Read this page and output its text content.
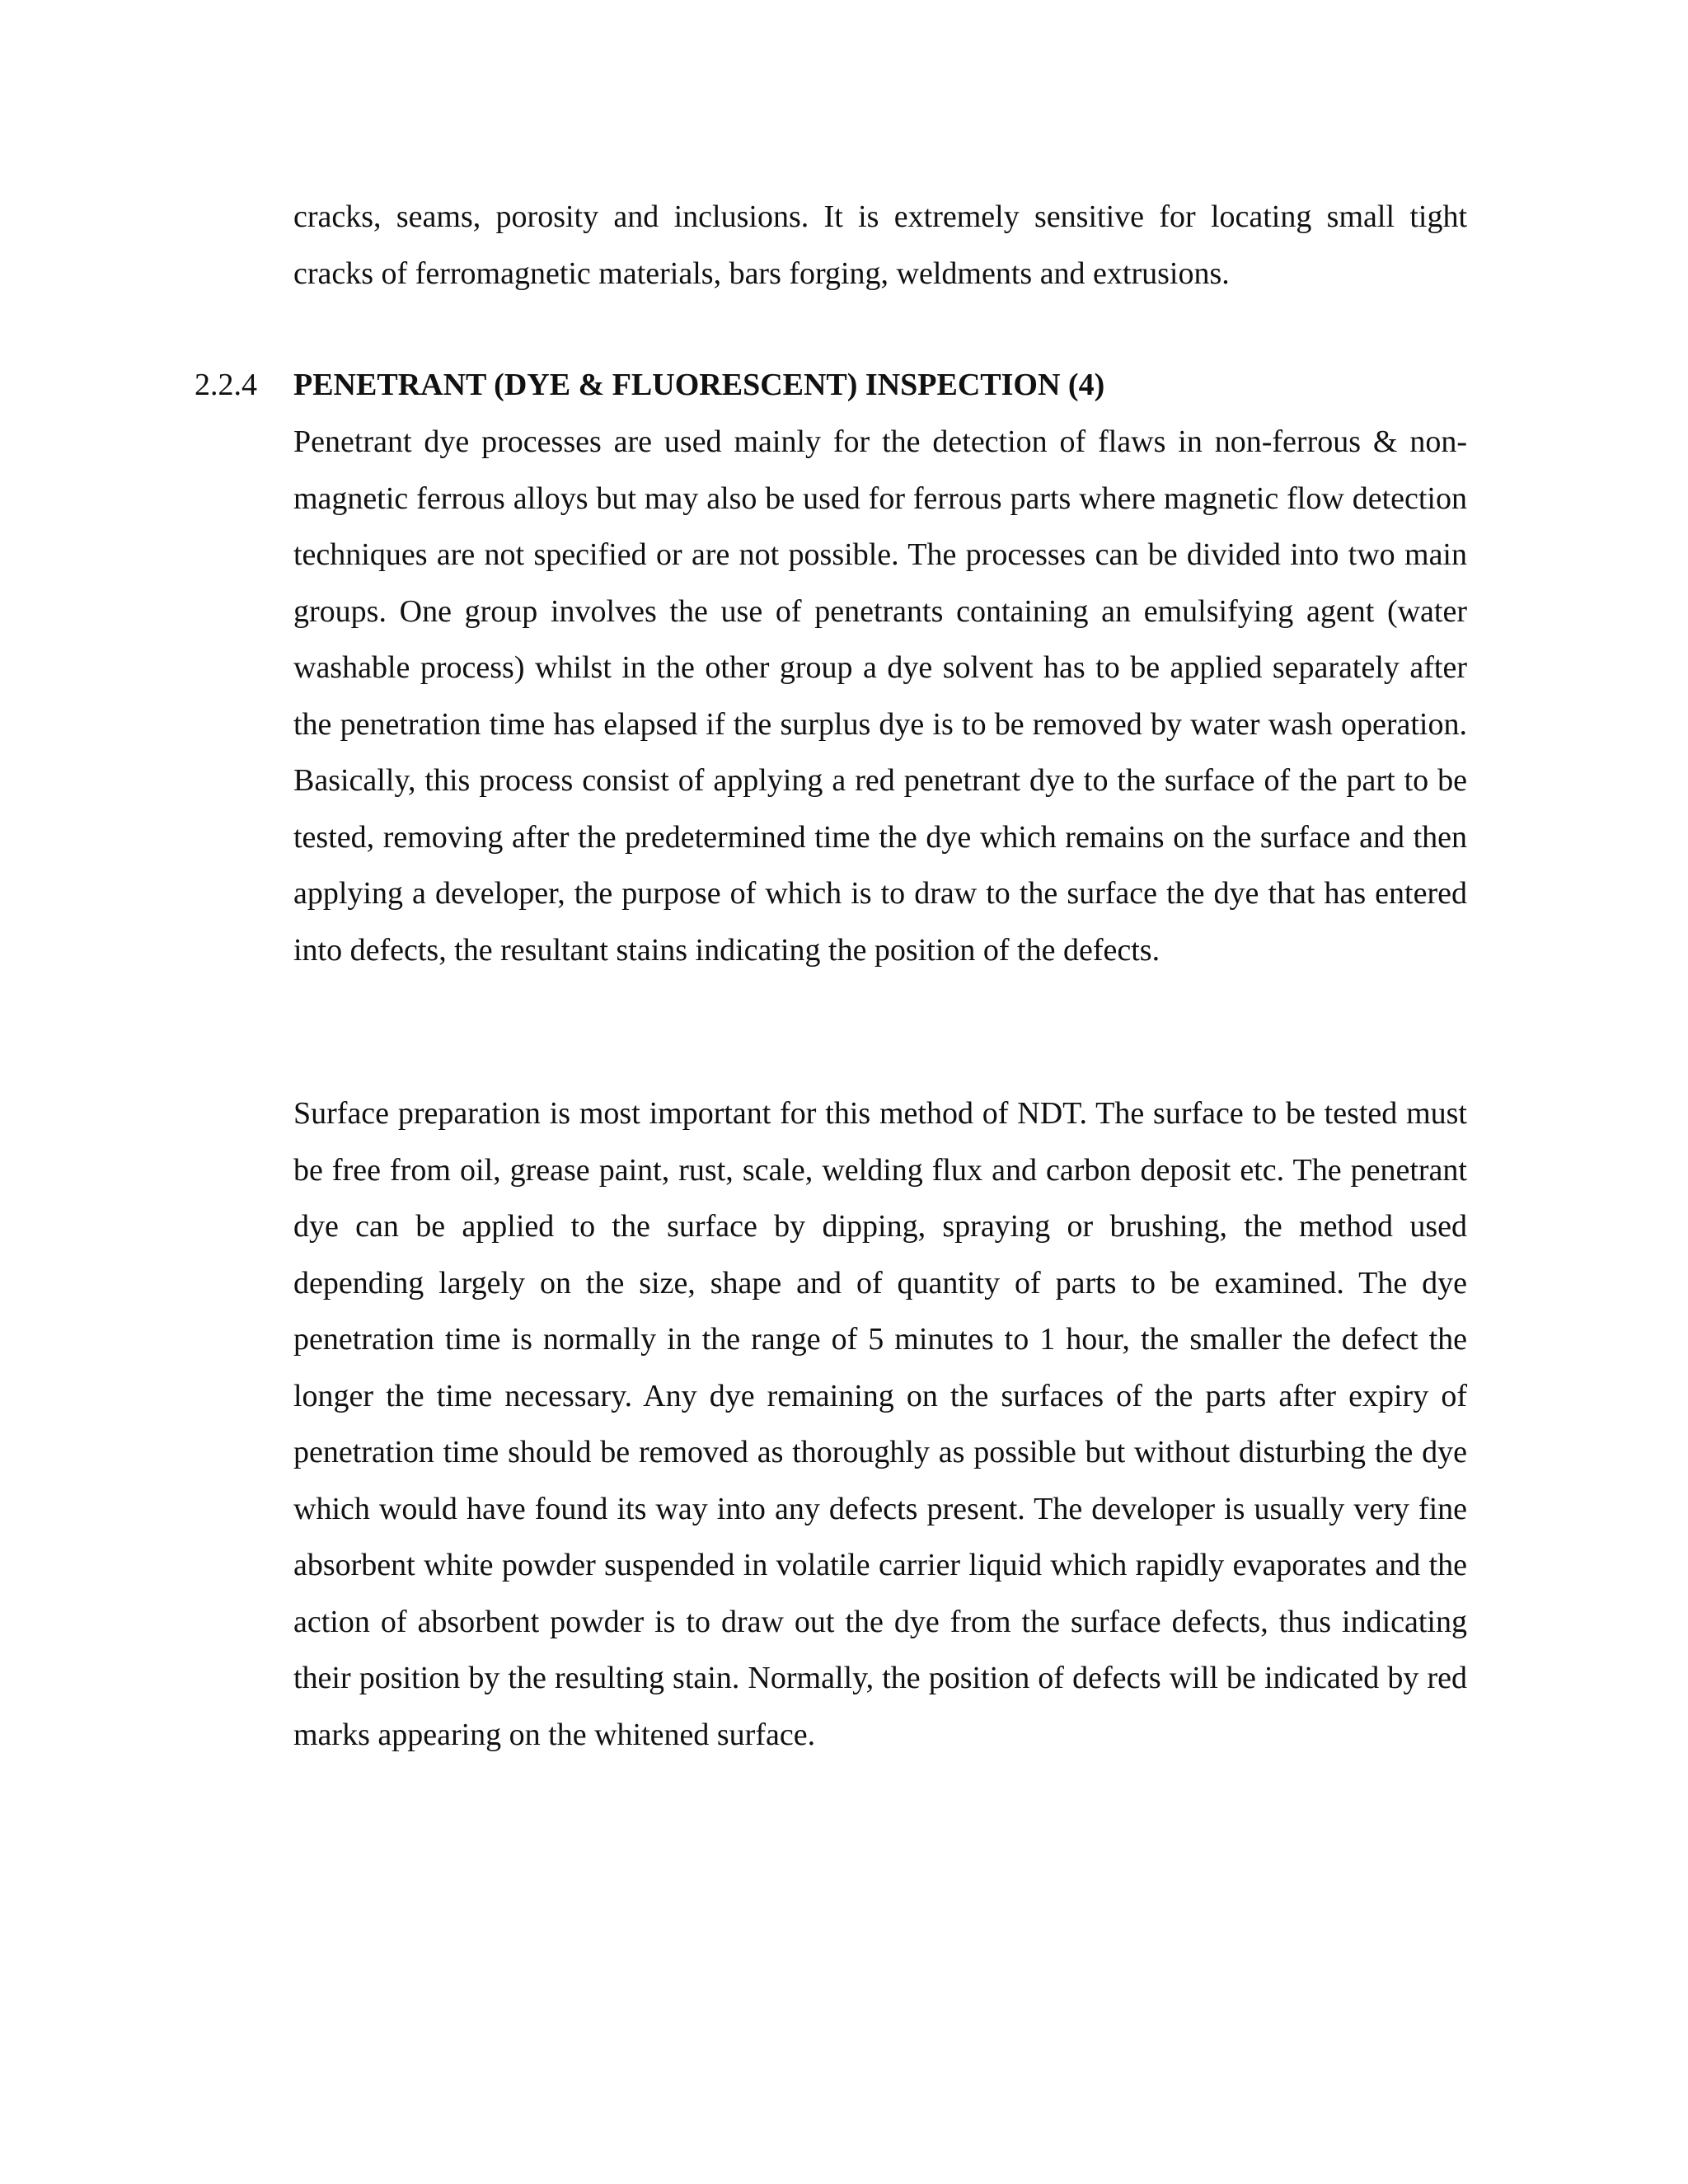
cracks, seams, porosity and inclusions. It is extremely sensitive for locating small tight cracks of ferromagnetic materials, bars forging, weldments and extrusions.

2.2.4 PENETRANT (DYE & FLUORESCENT) INSPECTION (4)

Penetrant dye processes are used mainly for the detection of flaws in non-ferrous & non-magnetic ferrous alloys but may also be used for ferrous parts where magnetic flow detection techniques are not specified or are not possible. The processes can be divided into two main groups. One group involves the use of penetrants containing an emulsifying agent (water washable process) whilst in the other group a dye solvent has to be applied separately after the penetration time has elapsed if the surplus dye is to be removed by water wash operation. Basically, this process consist of applying a red penetrant dye to the surface of the part to be tested, removing after the predetermined time the dye which remains on the surface and then applying a developer, the purpose of which is to draw to the surface the dye that has entered into defects, the resultant stains indicating the position of the defects.

Surface preparation is most important for this method of NDT. The surface to be tested must be free from oil, grease paint, rust, scale, welding flux and carbon deposit etc. The penetrant dye can be applied to the surface by dipping, spraying or brushing, the method used depending largely on the size, shape and of quantity of parts to be examined. The dye penetration time is normally in the range of 5 minutes to 1 hour, the smaller the defect the longer the time necessary. Any dye remaining on the surfaces of the parts after expiry of penetration time should be removed as thoroughly as possible but without disturbing the dye which would have found its way into any defects present. The developer is usually very fine absorbent white powder suspended in volatile carrier liquid which rapidly evaporates and the action of absorbent powder is to draw out the dye from the surface defects, thus indicating their position by the resulting stain. Normally, the position of defects will be indicated by red marks appearing on the whitened surface.
